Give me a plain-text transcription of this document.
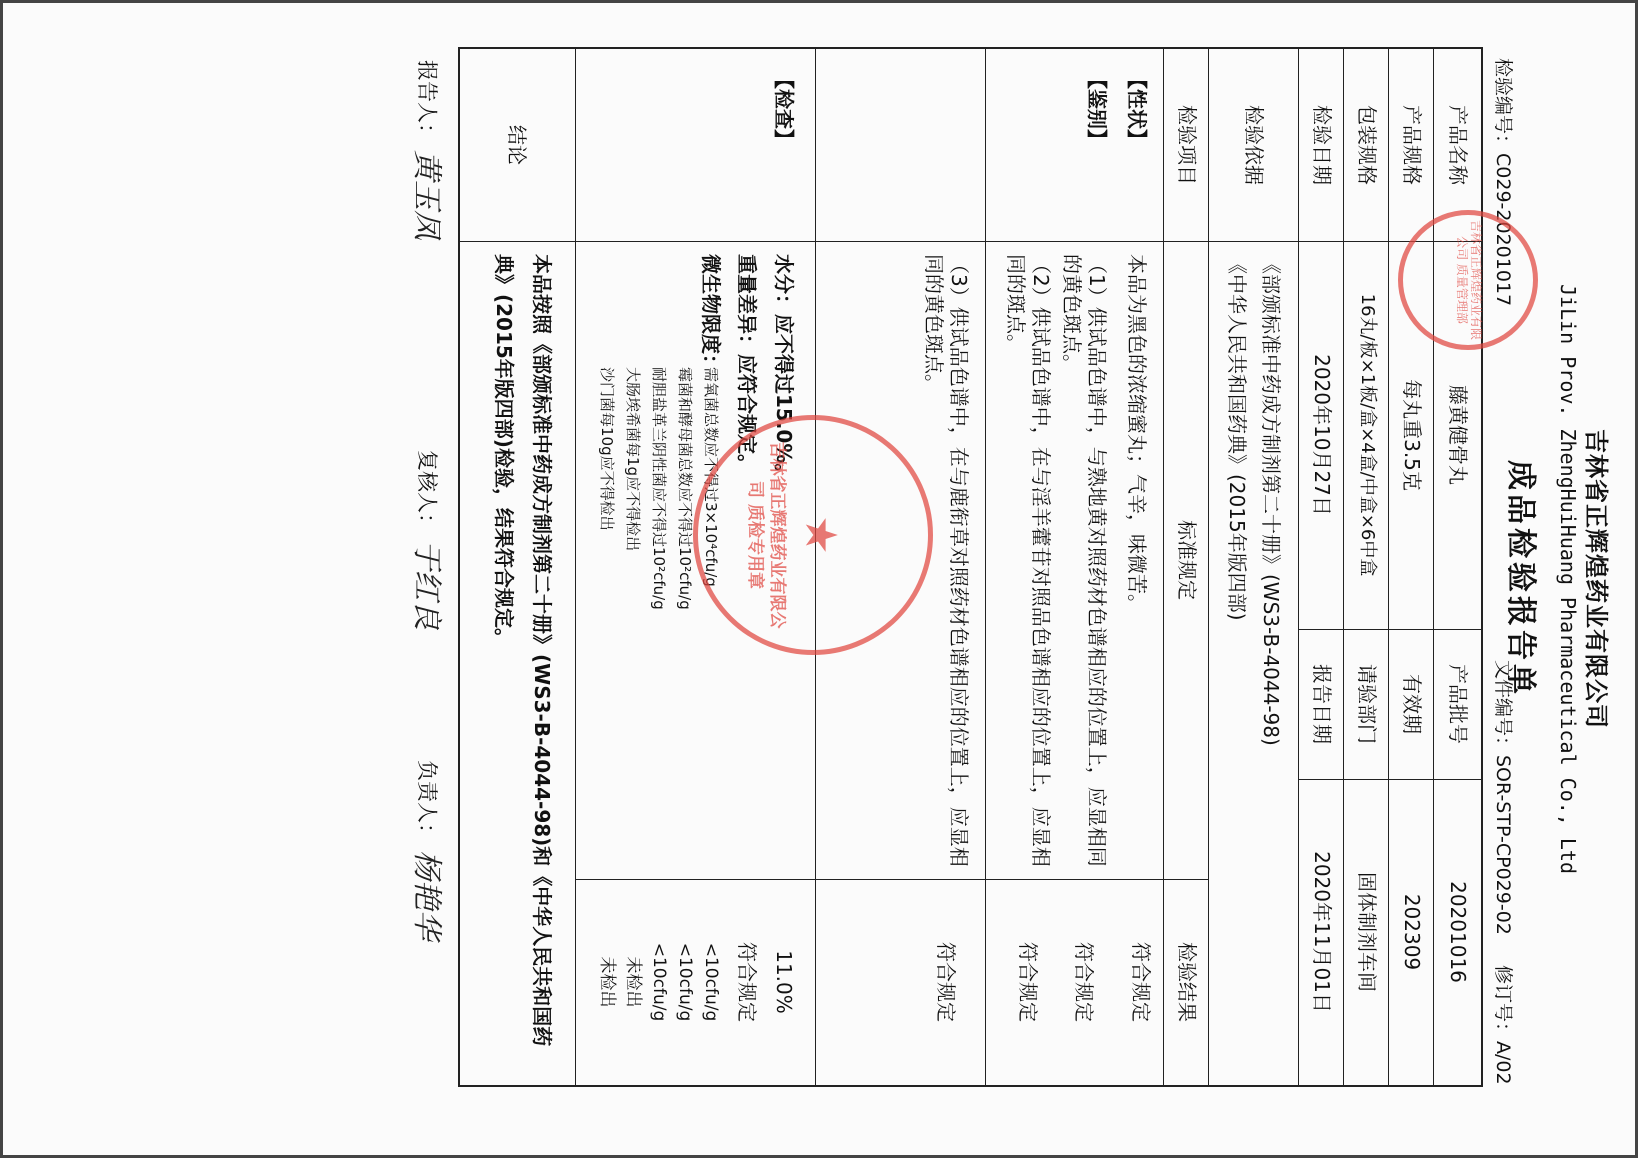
吉林省正辉煌药业有限公司
JiLin Prov. ZhengHuiHuang Pharmaceutical Co., Ltd
成品检验报告单
检验编号：C029-20201017
文件编号：SOR-STP-CP029-02
修订号：A/02
产品名称
藤黄健骨丸
产品批号
20201016
产品规格
每丸重3.5克
有效期
202309
包装规格
16丸/板×1板/盒×4盒/中盒×6中盒
请验部门
固体制剂车间
检验日期
2020年10月27日
报告日期
2020年11月01日
检验依据
《部颁标准中药成方制剂第二十册》(WS3-B-4044-98)
《中华人民共和国药典》(2015年版四部)
检验项目
标准规定
检验结果
【性状】
本品为黑色的浓缩蜜丸；气辛，味微苦。
符合规定
【鉴别】
（1）供试品色谱中，与熟地黄对照药材色谱相应的位置上，应显相同的黄色斑点。
符合规定
（2）供试品色谱中，在与淫羊藿苷对照品色谱相应的位置上，应显相同的斑点。
符合规定
（3）供试品色谱中，在与鹿衔草对照药材色谱相应的位置上，应显相同的黄色斑点。
符合规定
【检查】
水分：应不得过15.0%。
11.0%
重量差异：应符合规定。
符合规定
微生物限度：
需氧菌总数应不得过3×10⁴cfu/g
<10cfu/g
霉菌和酵母菌总数应不得过10²cfu/g
<10cfu/g
耐胆盐革兰阴性菌应不得过10²cfu/g
<10cfu/g
大肠埃希菌每1g应不得检出
未检出
沙门菌每10g应不得检出
未检出
结论
本品按照《部颁标准中药成方制剂第二十册》(WS3-B-4044-98)和《中华人民共和国药典》(2015年版四部)检验，结果符合规定。
报告人：
黄玉凤
复核人：
于红良
负责人：
杨艳华
吉林省正辉煌药业有限公司 质量管理部
★
吉林省正辉煌药业有限公司 质检专用章
